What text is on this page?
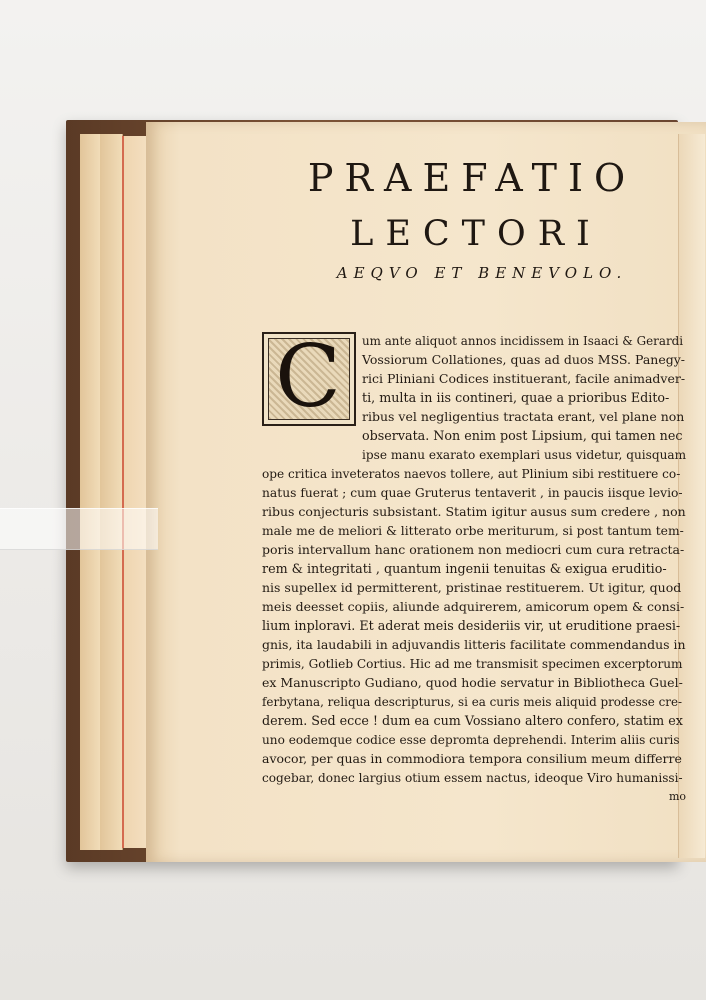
PRAEFATIO
LECTORI
AEQVO ET BENEVOLO.
C	um ante aliquot annos incidissem in Isaaci & Gerardi
Vossiorum Collationes, quas ad duos MSS. Panegy-
rici Pliniani Codices instituerant, facile animadver-
ti, multa in iis contineri, quae a prioribus Edito-
ribus vel negligentius tractata erant, vel plane non
observata. Non enim post Lipsium, qui tamen nec
ipse manu exarato exemplari usus videtur, quisquam
ope critica inveteratos naevos tollere, aut Plinium sibi restituere co-
natus fuerat ; cum quae Gruterus tentaverit , in paucis iisque levio-
ribus conjecturis subsistant. Statim igitur ausus sum credere , non
male me de meliori & litterato orbe meriturum, si post tantum tem-
poris intervallum hanc orationem non mediocri cum cura retracta-
rem & integritati , quantum ingenii tenuitas & exigua eruditio-
nis supellex id permitterent, pristinae restituerem. Ut igitur, quod
meis deesset copiis, aliunde adquirerem, amicorum opem & consi-
lium inploravi. Et aderat meis desideriis vir, ut eruditione praesi-
gnis, ita laudabili in adjuvandis litteris facilitate commendandus in
primis, Gotlieb Cortius. Hic ad me transmisit specimen excerptorum
ex Manuscripto Gudiano, quod hodie servatur in Bibliotheca Guel-
ferbytana, reliqua descripturus, si ea curis meis aliquid prodesse cre-
derem. Sed ecce ! dum ea cum Vossiano altero confero, statim ex
uno eodemque codice esse depromta deprehendi. Interim aliis curis
avocor, per quas in commodiora tempora consilium meum differre
cogebar, donec largius otium essem nactus, ideoque Viro humanissi-
mo
